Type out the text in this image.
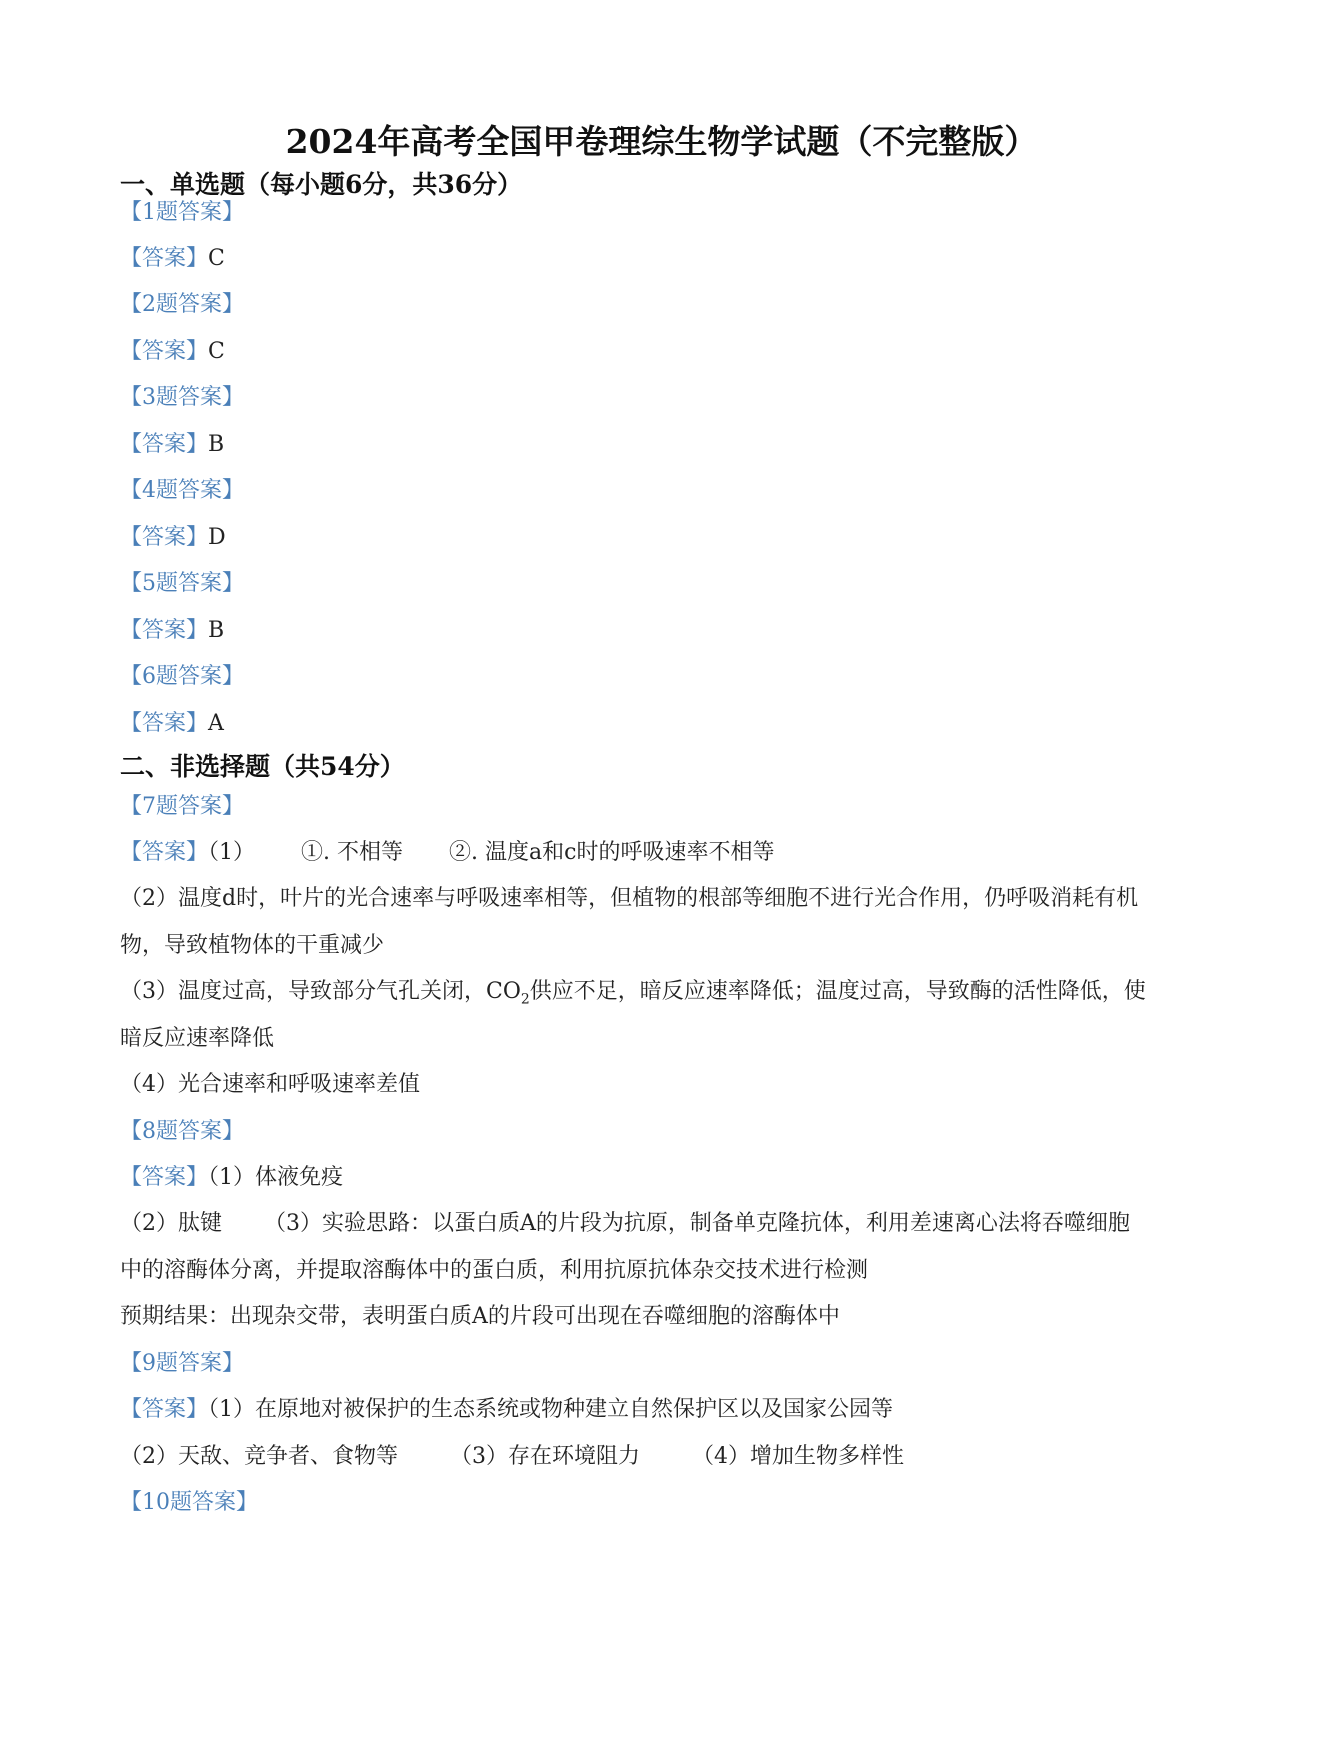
2024年高考全国甲卷理综生物学试题（不完整版）
一、单选题（每小题6分，共36分）
【1题答案】
【答案】C
【2题答案】
【答案】C
【3题答案】
【答案】B
【4题答案】
【答案】D
【5题答案】
【答案】B
【6题答案】
【答案】A
二、非选择题（共54分）
【7题答案】
【答案】（1） ①. 不相等 ②. 温度a和c时的呼吸速率不相等
（2）温度d时，叶片的光合速率与呼吸速率相等，但植物的根部等细胞不进行光合作用，仍呼吸消耗有机
物，导致植物体的干重减少
（3）温度过高，导致部分气孔关闭，$CO_2$供应不足，暗反应速率降低；温度过高，导致酶的活性降低，使
暗反应速率降低
（4）光合速率和呼吸速率差值
【8题答案】
【答案】（1）体液免疫
（2）肽键 （3）实验思路：以蛋白质A的片段为抗原，制备单克隆抗体，利用差速离心法将吞噬细胞
中的溶酶体分离，并提取溶酶体中的蛋白质，利用抗原抗体杂交技术进行检测
预期结果：出现杂交带，表明蛋白质A的片段可出现在吞噬细胞的溶酶体中
【9题答案】
【答案】（1）在原地对被保护的生态系统或物种建立自然保护区以及国家公园等
（2）天敌、竞争者、食物等 （3）存在环境阻力 （4）增加生物多样性
【10题答案】
